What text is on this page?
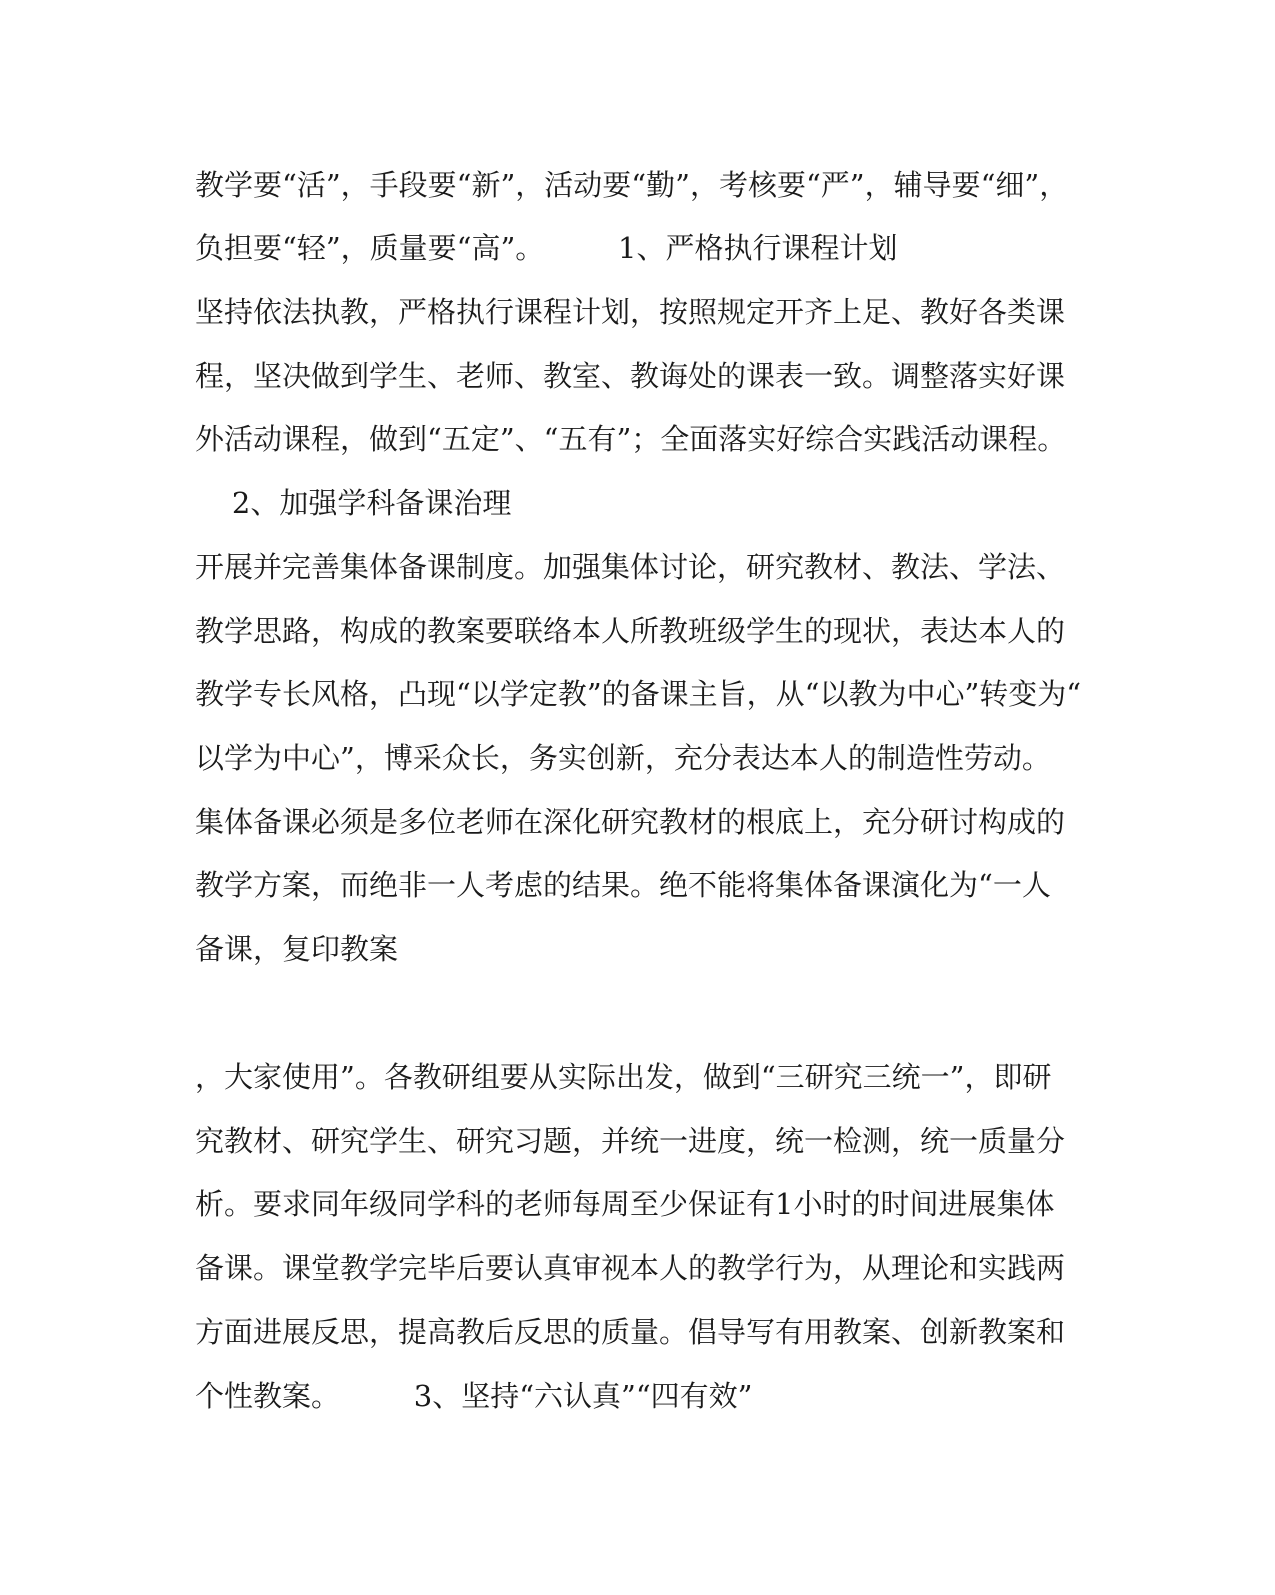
教学要“活”，手段要“新”，活动要“勤”，考核要“严”，辅导要“细”，
负担要“轻”，质量要“高”。        1、严格执行课程计划
坚持依法执教，严格执行课程计划，按照规定开齐上足、教好各类课
程，坚决做到学生、老师、教室、教诲处的课表一致。调整落实好课
外活动课程，做到“五定”、“五有”；全面落实好综合实践活动课程。
2、加强学科备课治理
开展并完善集体备课制度。加强集体讨论，研究教材、教法、学法、
教学思路，构成的教案要联络本人所教班级学生的现状，表达本人的
教学专长风格，凸现“以学定教”的备课主旨，从“以教为中心”转变为“
以学为中心”，博采众长，务实创新，充分表达本人的制造性劳动。
集体备课必须是多位老师在深化研究教材的根底上，充分研讨构成的
教学方案，而绝非一人考虑的结果。绝不能将集体备课演化为“一人
备课，复印教案
，大家使用”。各教研组要从实际出发，做到“三研究三统一”，即研
究教材、研究学生、研究习题，并统一进度，统一检测，统一质量分
析。要求同年级同学科的老师每周至少保证有1小时的时间进展集体
备课。课堂教学完毕后要认真审视本人的教学行为，从理论和实践两
方面进展反思，提高教后反思的质量。倡导写有用教案、创新教案和
个性教案。        3、坚持“六认真”“四有效”
